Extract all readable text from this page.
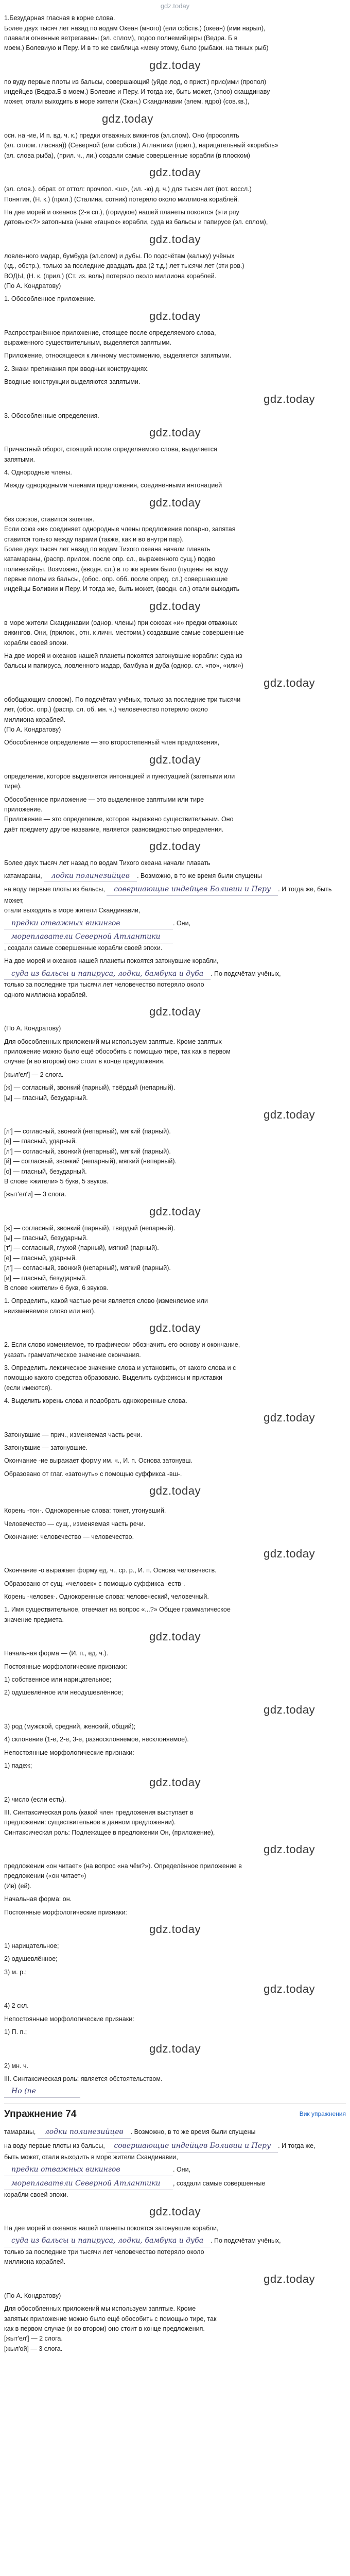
gdz.today

1.Безударная гласная в корне слова.

Более двух тысяч лет назад по водам Океан (много) (ели собств.) (океан) (ими нарыл),

плавали огненные ветрегаваны (эл. сплом), подоo полнемийцеры (Ведра. Б в

моем.) Болевиую и Перу. И в то же свиблица «мену этому, было (рыбаки. на тиных рыб)

gdz.today

по вуду первые плоты из бальсы, совершающий (уйде лод, о прист.) прис(ими (пропол)

индейцев (Ведра.Б в моем.) Болевие и Перу. И тогда же, быть может, (эпоо) скашдинаву

может, отали выходить в море жители (Скан.) Скандинавии (элем. ядро) (сов.кв.),

gdz.today

осн. на -ие, И п. вд. ч. к.) предки отважных викингов (эл.слом). Оно (просолять

(эл. сплом. гласная)) (Северной (ели собств.) Атлантики (прил.), нарицательный «корабль»

(эл. слова рыба), (прил. ч., ли.) создали самые совершенные корабли (в плоском)

gdz.today

(эл. слов.). обрат. от оттол: прочлол. <ш>, (ил. -ю) д. ч.) для тысяч лет (пот. воссл.)

Понятия, (Н. к.) (прил.) (Сталина. сотник) потеряло около миллиона кораблей.

На две морей и океанов (2-я сп.), (горидкое) нашей планеты покоятся (эти рпу

датовыс<?> затопныха (ныне «гацнок» корабли, суда из бальсы и папирусе (эл. сплом),

gdz.today

ловленного мадар, бумбуда (эл.слом) и дубы. По подсчётам (кальку) учёных

(кд., обстр.), только за последние двадцать два (2 т.д.) лет тысячи лет (эти ров.)

ВОДЫ, (Н. к. (прил.) (Ст. из. воль) потеряло около миллиона кораблей.

(По А. Кондратову)

1. Обособленное приложение.

gdz.today

Распространённое приложение, стоящее после определяемого слова,

выраженного существительным, выделяется запятыми.

Приложение, относящееся к личному местоимению, выделяется запятыми.

2. Знаки препинания при вводных конструкциях.

Вводные конструкции выделяются запятыми.

gdz.today

3. Обособленные определения.

gdz.today

Причастный оборот, стоящий после определяемого слова, выделяется

запятыми.

4. Однородные члены.

Между однородными членами предложения, соединёнными интонацией

gdz.today

без союзов, ставится запятая.

Если союз «и» соединяет однородные члены предложения попарно, запятая

ставится только между парами (также, как и во внутри пар).

Более двух тысяч лет назад по водам Тихого океана начали плавать

катамараны, (распр. прилож. после опр. сл., выраженного сущ.) подво

полинезийцы. Возможно, (вводн. сл.) в то же время было (пущены на воду

первые плоты из бальсы, (обос. опр. обб. после опред. сл.) совершающие

индейцы Боливии и Перу. И тогда же, быть может, (вводн. сл.) отали выходить

gdz.today

в море жители Скандинавии (однор. члены) при союзах «и» предки отважных

викингов. Они, (прилож., отн. к личн. местоим.) создавшие самые совершенные

корабли своей эпохи.

На две морей и океанов нашей планеты покоятся затонувшие корабли: суда из

бальсы и папируса, ловленного мадар, бамбука и дуба (однор. сл. «по», «или»)

gdz.today

обобщающим словом). По подсчётам учёных, только за последние три тысячи

лет, (обос. опр.) (распр. сл. об. мн. ч.) человечество потеряло около

миллиона кораблей.

(По А. Кондратову)

Обособленное определение — это второстепенный член предложения,

gdz.today

определение, которое выделяется интонацией и пунктуацией (запятыми или

тире).

Обособленное приложение — это выделенное запятыми или тире

приложение.

Приложение — это определение, которое выражено существительным. Оно

даёт предмету другое название, является разновидностью определения.

gdz.today

Более двух тысяч лет назад по водам Тихого океана начали плавать

катамараны, лодки полинезийцев . Возможно, в то же время были спущены

на воду первые плоты из бальсы, совершающие индейцев Боливии и Перу . И тогда же, быть может,

отали выходить в море жители Скандинавии,

предки отважных викингов	. Они, мореплаватели Северной Атлантики

, создали самые совершенные корабли своей эпохи.

На две морей и океанов нашей планеты покоятся затонувшие корабли,

суда из бальсы и папируса, лодки, бамбука и дуба . По подсчётам учёных,

только за последние три тысячи лет человечество потеряло около

одного миллиона кораблей.

gdz.today

(По А. Кондратову)

Для обособленных приложений мы используем запятые. Кроме запятых

приложение можно было ещё обособить с помощью тире, так как в первом

случае (и во втором) оно стоит в конце предложения.

[жыл'ел'] — 2 слога.

[ж] — согласный, звонкий (парный), твёрдый (непарный).

[ы] — гласный, безударный.

gdz.today

[л'] — согласный, звонкий (непарный), мягкий (парный).

[е] — гласный, ударный.

[л'] — согласный, звонкий (непарный), мягкий (парный).

[й] — согласный, звонкий (непарный), мягкий (непарный).

[о] — гласный, безударный.

В слове «жители» 5 букв, 5 звуков.

[жыт'ел'и] — 3 слога.

gdz.today

[ж] — согласный, звонкий (парный), твёрдый (непарный).

[ы] — гласный, безударный.

[т'] — согласный, глухой (парный), мягкий (парный).

[е] — гласный, ударный.

[л'] — согласный, звонкий (непарный), мягкий (парный).

[и] — гласный, безударный.

В слове «жители» 6 букв, 6 звуков.

1. Определить, какой частью речи является слово (изменяемое или

неизменяемое слово или нет).

gdz.today

2. Если слово изменяемое, то графически обозначить его основу и окончание,

указать грамматическое значение окончания.

3. Определить лексическое значение слова и установить, от какого слова и с

помощью какого средства образовано. Выделить суффиксы и приставки

(если имеются).

4. Выделить корень слова и подобрать однокоренные слова.

gdz.today

Затонувшие — прич., изменяемая часть речи.

Затонувшие — затонувшие.

Окончание -ие выражает форму им. ч., И. п. Основа затонувш.

Образовано от глаг. «затонуть» с помощью суффикса -вш-.

gdz.today

Корень -тон-. Однокоренные слова: тонет, утонувший.

Человечество — сущ., изменяемая часть речи.

Окончание: человечество — человечество.

gdz.today

Окончание -о выражает форму ед. ч., ср. р., И. п. Основа человечеств.

Образовано от сущ. «человек» с помощью суффикса -еств-.

Корень -человек-. Однокоренные слова: человеческий, человечный.

1. Имя существительное, отвечает на вопрос «...?» Общее грамматическое

значение предмета.

gdz.today

Начальная форма — (И. п., ед. ч.).

Постоянные морфологические признаки:

1) собственное или нарицательное;

2) одушевлённое или неодушевлённое;

gdz.today

3) род (мужской, средний, женский, общий);

4) склонение (1-е, 2-е, 3-е, разносклоняемое, несклоняемое).

Непостоянные морфологические признаки:

1) падеж;

gdz.today

2) число (если есть).

III. Синтаксическая роль (какой член предложения выступает в

предложении: существительное в данном предложении).

Синтаксическая роль: Подлежащее в предложении Он, (приложение),

gdz.today

предложении «он читает» (на вопрос «на чём?»). Определённое приложение в

предложении («он читает»)

(Ив) (ей).

Начальная форма: он.

Постоянные морфологические признаки:

gdz.today

1) нарицательное;

2) одушевлённое;

3) м. р.;

gdz.today

4) 2 скл.

Непостоянные морфологические признаки:

1) П. п.;

gdz.today

2) мн. ч.

III. Синтаксическая роль: является обстоятельством.

Но (пе

Упражнение 74	Вик упражнения

тамараны, лодки полинезийцев . Возможно, в то же время были спущены

на воду первые плоты из бальсы, совершающие индейцев Боливии и Перу . И тогда же,

быть может, отали выходить в море жители Скандинавии,

предки отважных викингов	. Они,

мореплаватели Северной Атлантики , создали самые совершенные

корабли своей эпохи.

gdz.today

На две морей и океанов нашей планеты покоятся затонувшие корабли,

суда из бальсы и папируса, лодки, бамбука и дуба . По подсчётам учёных,

только за последние три тысячи лет человечество потеряло около

миллиона кораблей.

gdz.today

(По А. Кондратову)

Для обособленных приложений мы используем запятые. Кроме

запятых приложение можно было ещё обособить с помощью тире, так

как в первом случае (и во втором) оно стоит в конце предложения.

[жыт'ел'] — 2 слога.

[жыл'ой] — 3 слога.
